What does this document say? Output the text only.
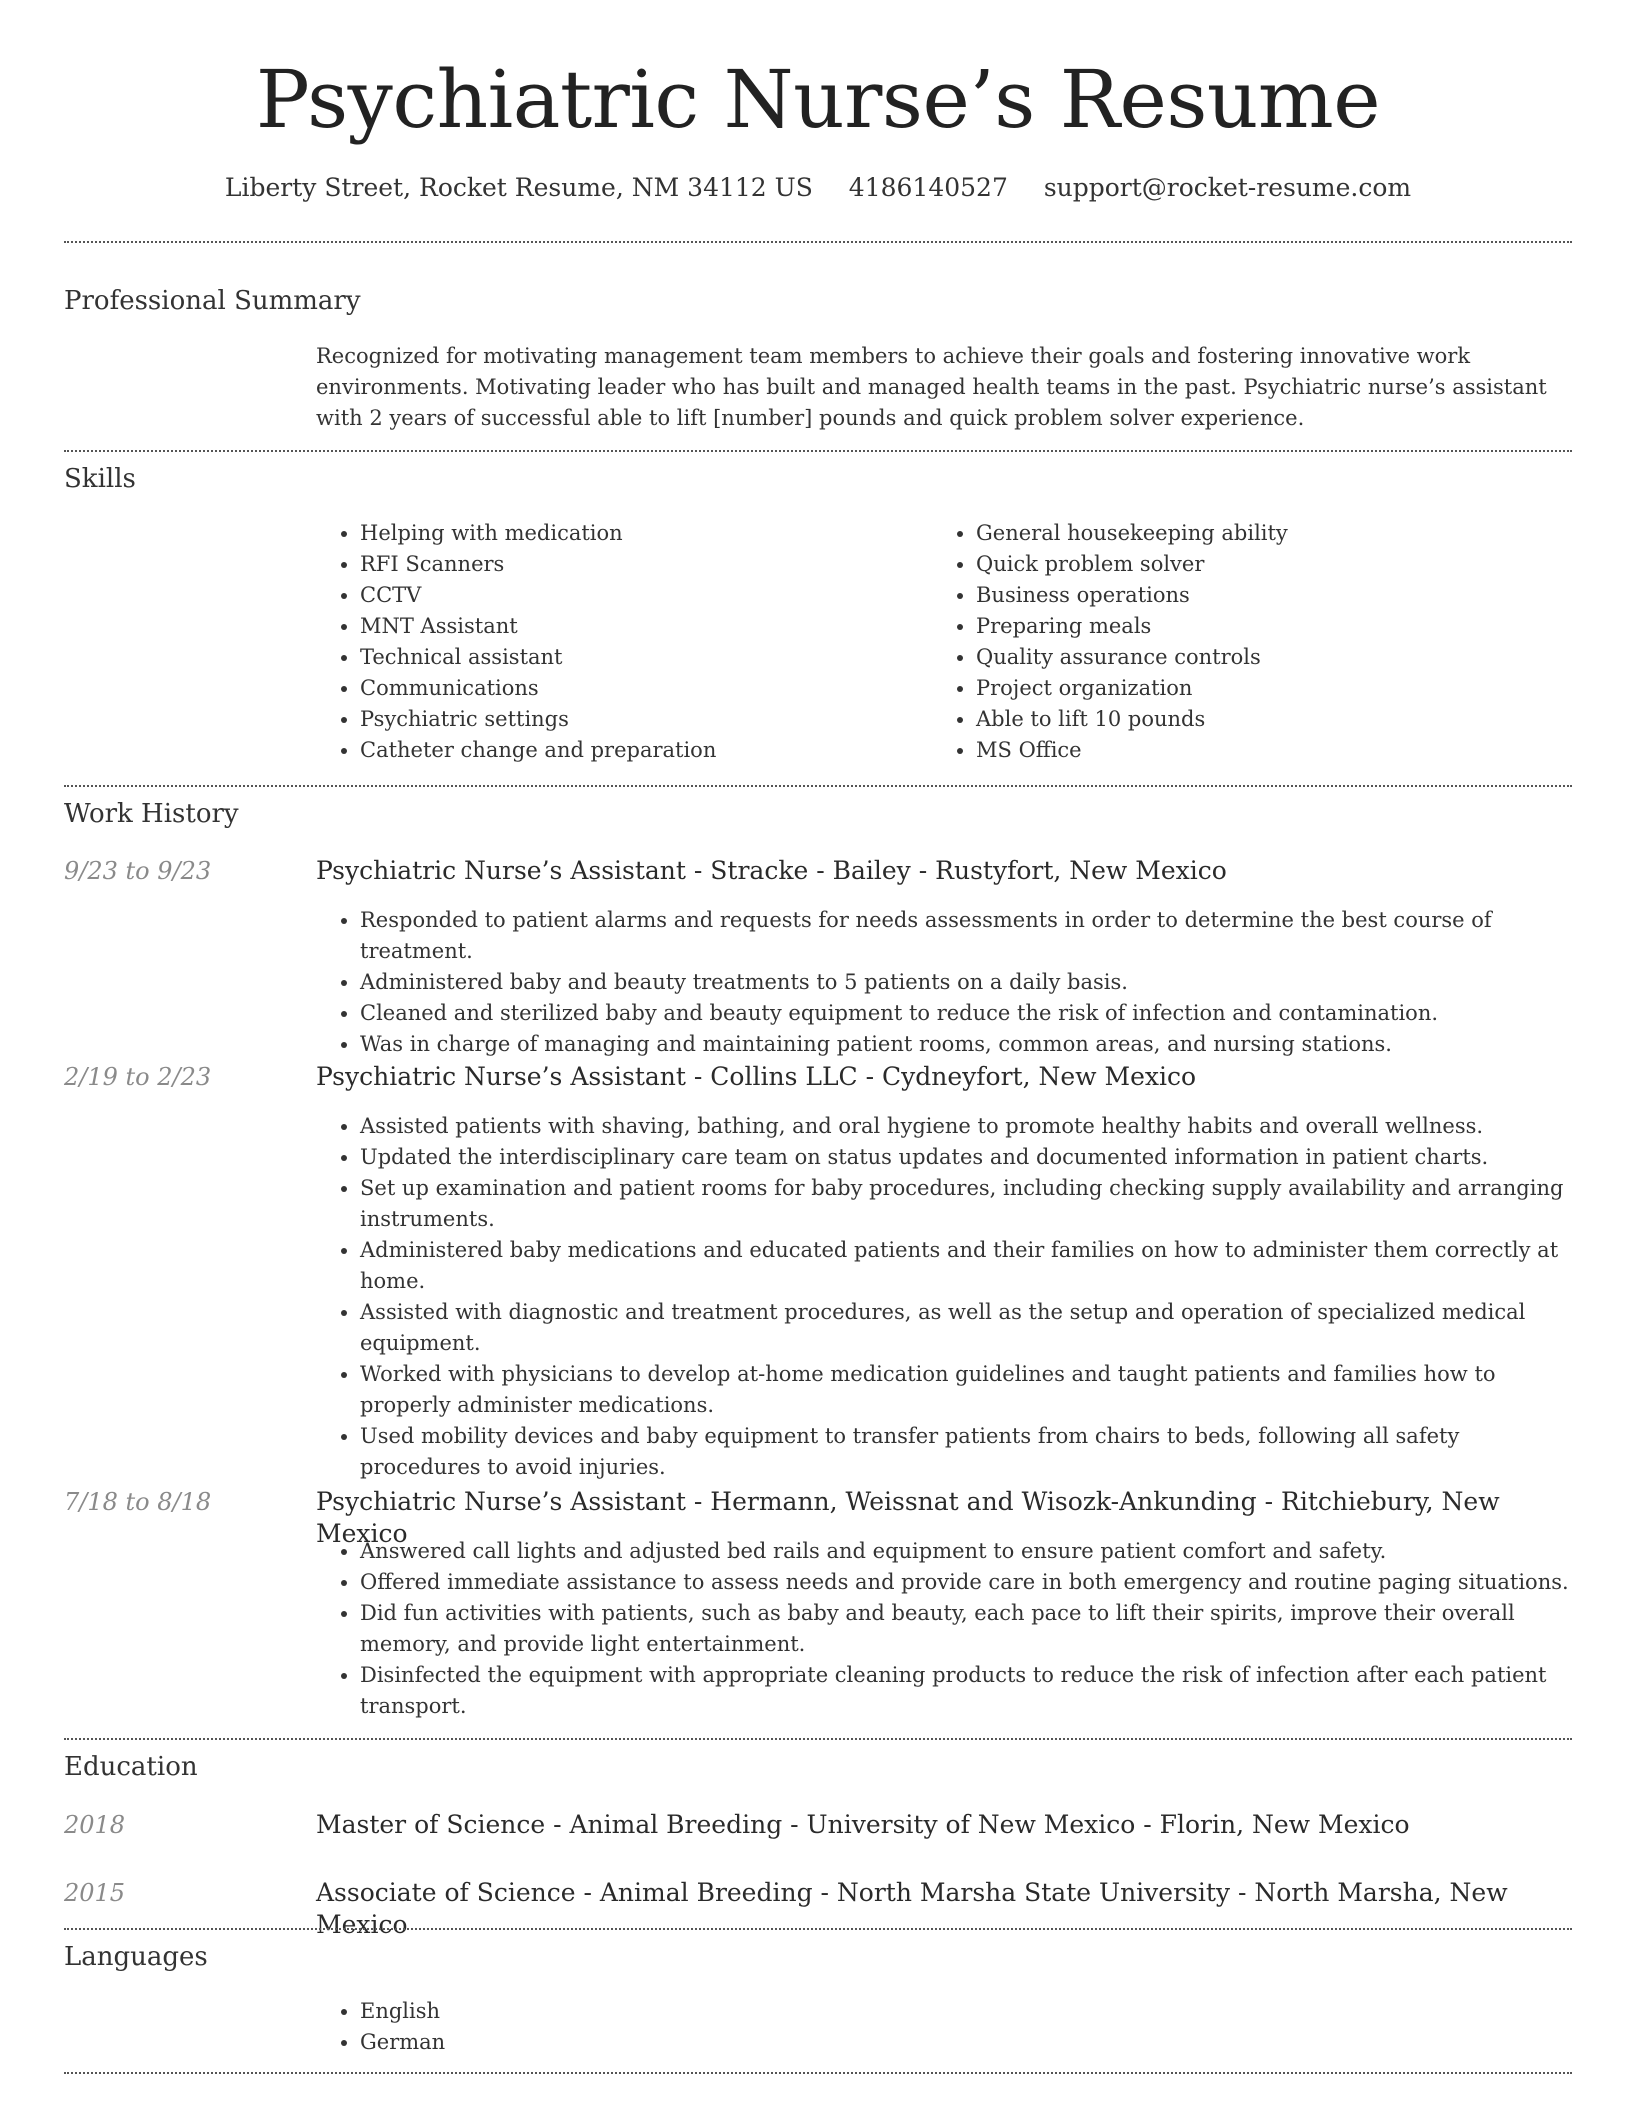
Psychiatric Nurse’s Resume
Liberty Street, Rocket Resume, NM 34112 US 4186140527 support@rocket-resume.com
Professional Summary
Recognized for motivating management team members to achieve their goals and fostering innovative work environments. Motivating leader who has built and managed health teams in the past. Psychiatric nurse’s assistant with 2 years of successful able to lift [number] pounds and quick problem solver experience.
Skills
• Helping with medication
• RFI Scanners
• CCTV
• MNT Assistant
• Technical assistant
• Communications
• Psychiatric settings
• Catheter change and preparation
• General housekeeping ability
• Quick problem solver
• Business operations
• Preparing meals
• Quality assurance controls
• Project organization
• Able to lift 10 pounds
• MS Office
Work History
9/23 to 9/23	Psychiatric Nurse’s Assistant - Stracke - Bailey - Rustyfort, New Mexico
• Responded to patient alarms and requests for needs assessments in order to determine the best course of treatment.
• Administered baby and beauty treatments to 5 patients on a daily basis.
• Cleaned and sterilized baby and beauty equipment to reduce the risk of infection and contamination.
• Was in charge of managing and maintaining patient rooms, common areas, and nursing stations.
2/19 to 2/23	Psychiatric Nurse’s Assistant - Collins LLC - Cydneyfort, New Mexico
• Assisted patients with shaving, bathing, and oral hygiene to promote healthy habits and overall wellness.
• Updated the interdisciplinary care team on status updates and documented information in patient charts.
• Set up examination and patient rooms for baby procedures, including checking supply availability and arranging instruments.
• Administered baby medications and educated patients and their families on how to administer them correctly at home.
• Assisted with diagnostic and treatment procedures, as well as the setup and operation of specialized medical equipment.
• Worked with physicians to develop at-home medication guidelines and taught patients and families how to properly administer medications.
• Used mobility devices and baby equipment to transfer patients from chairs to beds, following all safety procedures to avoid injuries.
7/18 to 8/18	Psychiatric Nurse’s Assistant - Hermann, Weissnat and Wisozk-Ankunding - Ritchiebury, New Mexico
• Answered call lights and adjusted bed rails and equipment to ensure patient comfort and safety.
• Offered immediate assistance to assess needs and provide care in both emergency and routine paging situations.
• Did fun activities with patients, such as baby and beauty, each pace to lift their spirits, improve their overall memory, and provide light entertainment.
• Disinfected the equipment with appropriate cleaning products to reduce the risk of infection after each patient transport.
Education
2018	Master of Science - Animal Breeding - University of New Mexico - Florin, New Mexico
2015	Associate of Science - Animal Breeding - North Marsha State University - North Marsha, New Mexico
Languages
• English
• German
